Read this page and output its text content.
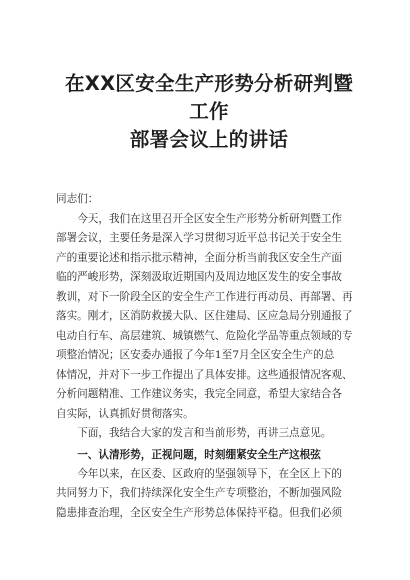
在XX区安全生产形势分析研判暨工作
部署会议上的讲话

同志们：

今天，我们在这里召开全区安全生产形势分析研判暨工作
部署会议，主要任务是深入学习贯彻习近平总书记关于安全生
产的重要论述和指示批示精神，全面分析当前我区安全生产面
临的严峻形势，深刻汲取近期国内及周边地区发生的安全事故
教训，对下一阶段全区的安全生产工作进行再动员、再部署、再
落实。刚才，区消防救援大队、区住建局、区应急局分别通报了
电动自行车、高层建筑、城镇燃气、危险化学品等重点领域的专
项整治情况；区安委办通报了今年1至7月全区安全生产的总
体情况，并对下一步工作提出了具体安排。这些通报情况客观、
分析问题精准、工作建议务实，我完全同意，希望大家结合各
自实际，认真抓好贯彻落实。

下面，我结合大家的发言和当前形势，再讲三点意见。

一、认清形势，正视问题，时刻绷紧安全生产这根弦

今年以来，在区委、区政府的坚强领导下，在全区上下的
共同努力下，我们持续深化安全生产专项整治，不断加强风险
隐患排查治理，全区安全生产形势总体保持平稳。但我们必须
